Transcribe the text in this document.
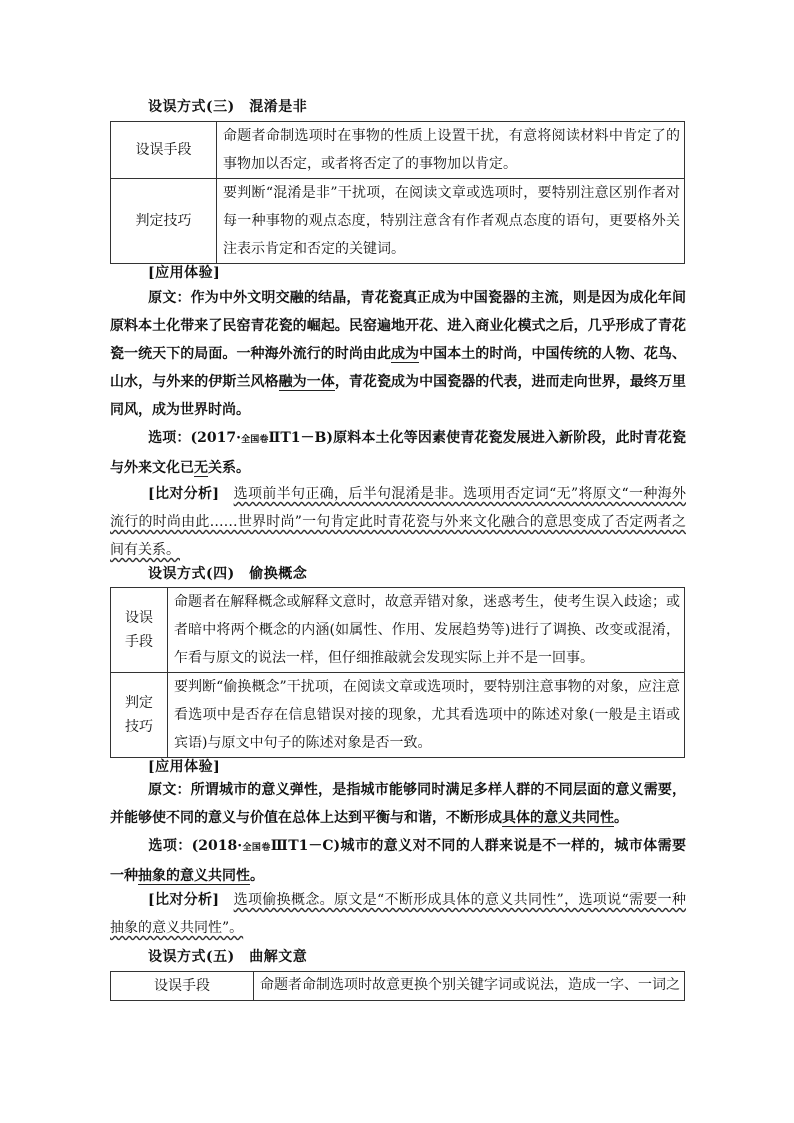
设误方式(三)　混淆是非
设误手段	命题者命制选项时在事物的性质上设置干扰，有意将阅读材料中肯定了的事物加以否定，或者将否定了的事物加以肯定。
判定技巧	要判断“混淆是非”干扰项，在阅读文章或选项时，要特别注意区别作者对每一种事物的观点态度，特别注意含有作者观点态度的语句，更要格外关注表示肯定和否定的关键词。
[应用体验]
原文：作为中外文明交融的结晶，青花瓷真正成为中国瓷器的主流，则是因为成化年间原料本土化带来了民窑青花瓷的崛起。民窑遍地开花、进入商业化模式之后，几乎形成了青花瓷一统天下的局面。一种海外流行的时尚由此成为中国本土的时尚，中国传统的人物、花鸟、山水，与外来的伊斯兰风格融为一体，青花瓷成为中国瓷器的代表，进而走向世界，最终万里同风，成为世界时尚。
选项：(2017·全国卷ⅡT1－B)原料本土化等因素使青花瓷发展进入新阶段，此时青花瓷与外来文化已无关系。
[比对分析]　 选项前半句正确，后半句混淆是非。选项用否定词“无”将原文“一种海外流行的时尚由此……世界时尚”一句肯定此时青花瓷与外来文化融合的意思变成了否定两者之间有关系。
设误方式(四)　偷换概念
设误
手段	命题者在解释概念或解释文意时，故意弄错对象，迷惑考生，使考生误入歧途；或者暗中将两个概念的内涵(如属性、作用、发展趋势等)进行了调换、改变或混淆，乍看与原文的说法一样，但仔细推敲就会发现实际上并不是一回事。
判定
技巧	要判断“偷换概念”干扰项，在阅读文章或选项时，要特别注意事物的对象，应注意看选项中是否存在信息错误对接的现象，尤其看选项中的陈述对象(一般是主语或宾语)与原文中句子的陈述对象是否一致。
[应用体验]
原文：所谓城市的意义弹性，是指城市能够同时满足多样人群的不同层面的意义需要，并能够使不同的意义与价值在总体上达到平衡与和谐，不断形成具体的意义共同性。
选项：(2018·全国卷ⅢT1－C)城市的意义对不同的人群来说是不一样的，城市体需要一种抽象的意义共同性。
[比对分析]　 选项偷换概念。原文是“不断形成具体的意义共同性”，选项说“需要一种抽象的意义共同性”。
设误方式(五)　曲解文意
设误手段	命题者命制选项时故意更换个别关键字词或说法，造成一字、一词之
